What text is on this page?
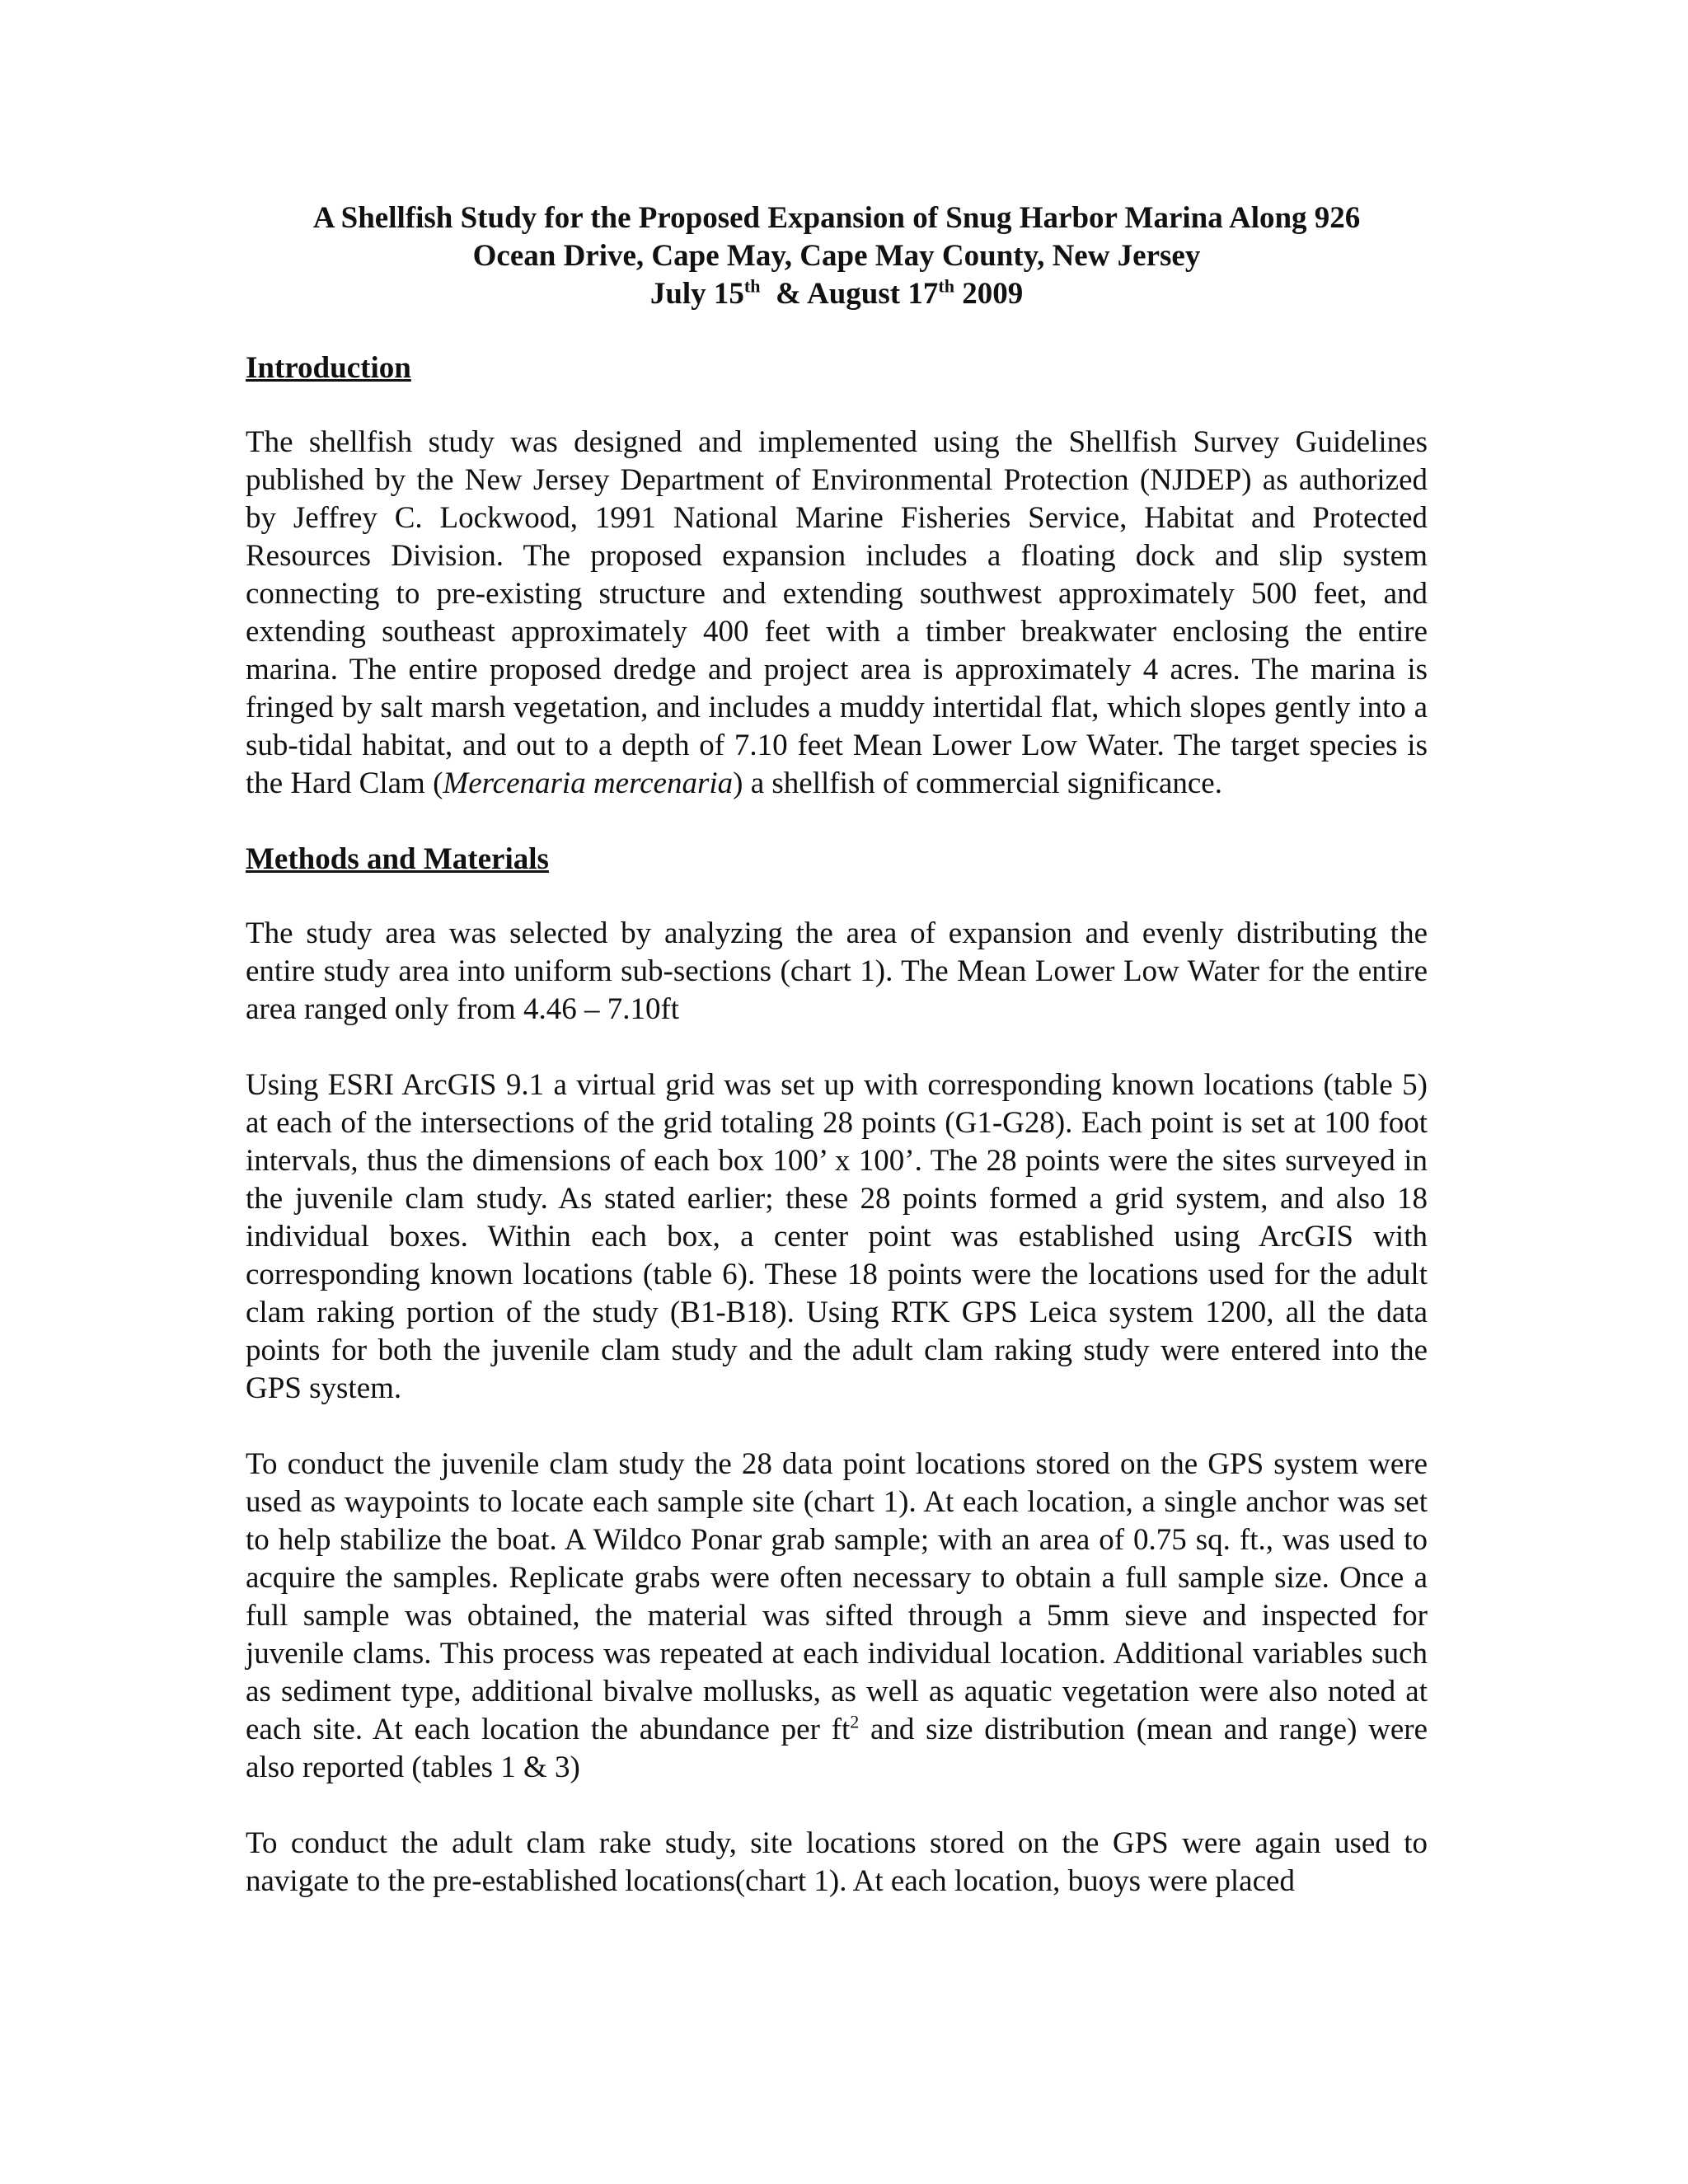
A Shellfish Study for the Proposed Expansion of Snug Harbor Marina Along 926
Ocean Drive, Cape May, Cape May County, New Jersey
July 15th  & August 17th 2009
Introduction

The shellfish study was designed and implemented using the Shellfish Survey Guidelines published by the New Jersey Department of Environmental Protection (NJDEP) as authorized by Jeffrey C. Lockwood, 1991 National Marine Fisheries Service, Habitat and Protected Resources Division. The proposed expansion includes a floating dock and slip system connecting to pre-existing structure and extending southwest approximately 500 feet, and extending southeast approximately 400 feet with a timber breakwater enclosing the entire marina. The entire proposed dredge and project area is approximately 4 acres. The marina is fringed by salt marsh vegetation, and includes a muddy intertidal flat, which slopes gently into a sub-tidal habitat, and out to a depth of 7.10 feet Mean Lower Low Water. The target species is the Hard Clam (Mercenaria mercenaria) a shellfish of commercial significance.

Methods and Materials

The study area was selected by analyzing the area of expansion and evenly distributing the entire study area into uniform sub-sections (chart 1). The Mean Lower Low Water for the entire area ranged only from 4.46 – 7.10ft

Using ESRI ArcGIS 9.1 a virtual grid was set up with corresponding known locations (table 5) at each of the intersections of the grid totaling 28 points (G1-G28). Each point is set at 100 foot intervals, thus the dimensions of each box 100’ x 100’. The 28 points were the sites surveyed in the juvenile clam study. As stated earlier; these 28 points formed a grid system, and also 18 individual boxes. Within each box, a center point was established using ArcGIS with corresponding known locations (table 6). These 18 points were the locations used for the adult clam raking portion of the study (B1-B18). Using RTK GPS Leica system 1200, all the data points for both the juvenile clam study and the adult clam raking study were entered into the GPS system.

To conduct the juvenile clam study the 28 data point locations stored on the GPS system were used as waypoints to locate each sample site (chart 1). At each location, a single anchor was set to help stabilize the boat. A Wildco Ponar grab sample; with an area of 0.75 sq. ft., was used to acquire the samples. Replicate grabs were often necessary to obtain a full sample size. Once a full sample was obtained, the material was sifted through a 5mm sieve and inspected for juvenile clams. This process was repeated at each individual location. Additional variables such as sediment type, additional bivalve mollusks, as well as aquatic vegetation were also noted at each site. At each location the abundance per $ft^2$ and size distribution (mean and range) were also reported (tables 1 & 3)

To conduct the adult clam rake study, site locations stored on the GPS were again used to navigate to the pre-established locations(chart 1). At each location, buoys were placed
